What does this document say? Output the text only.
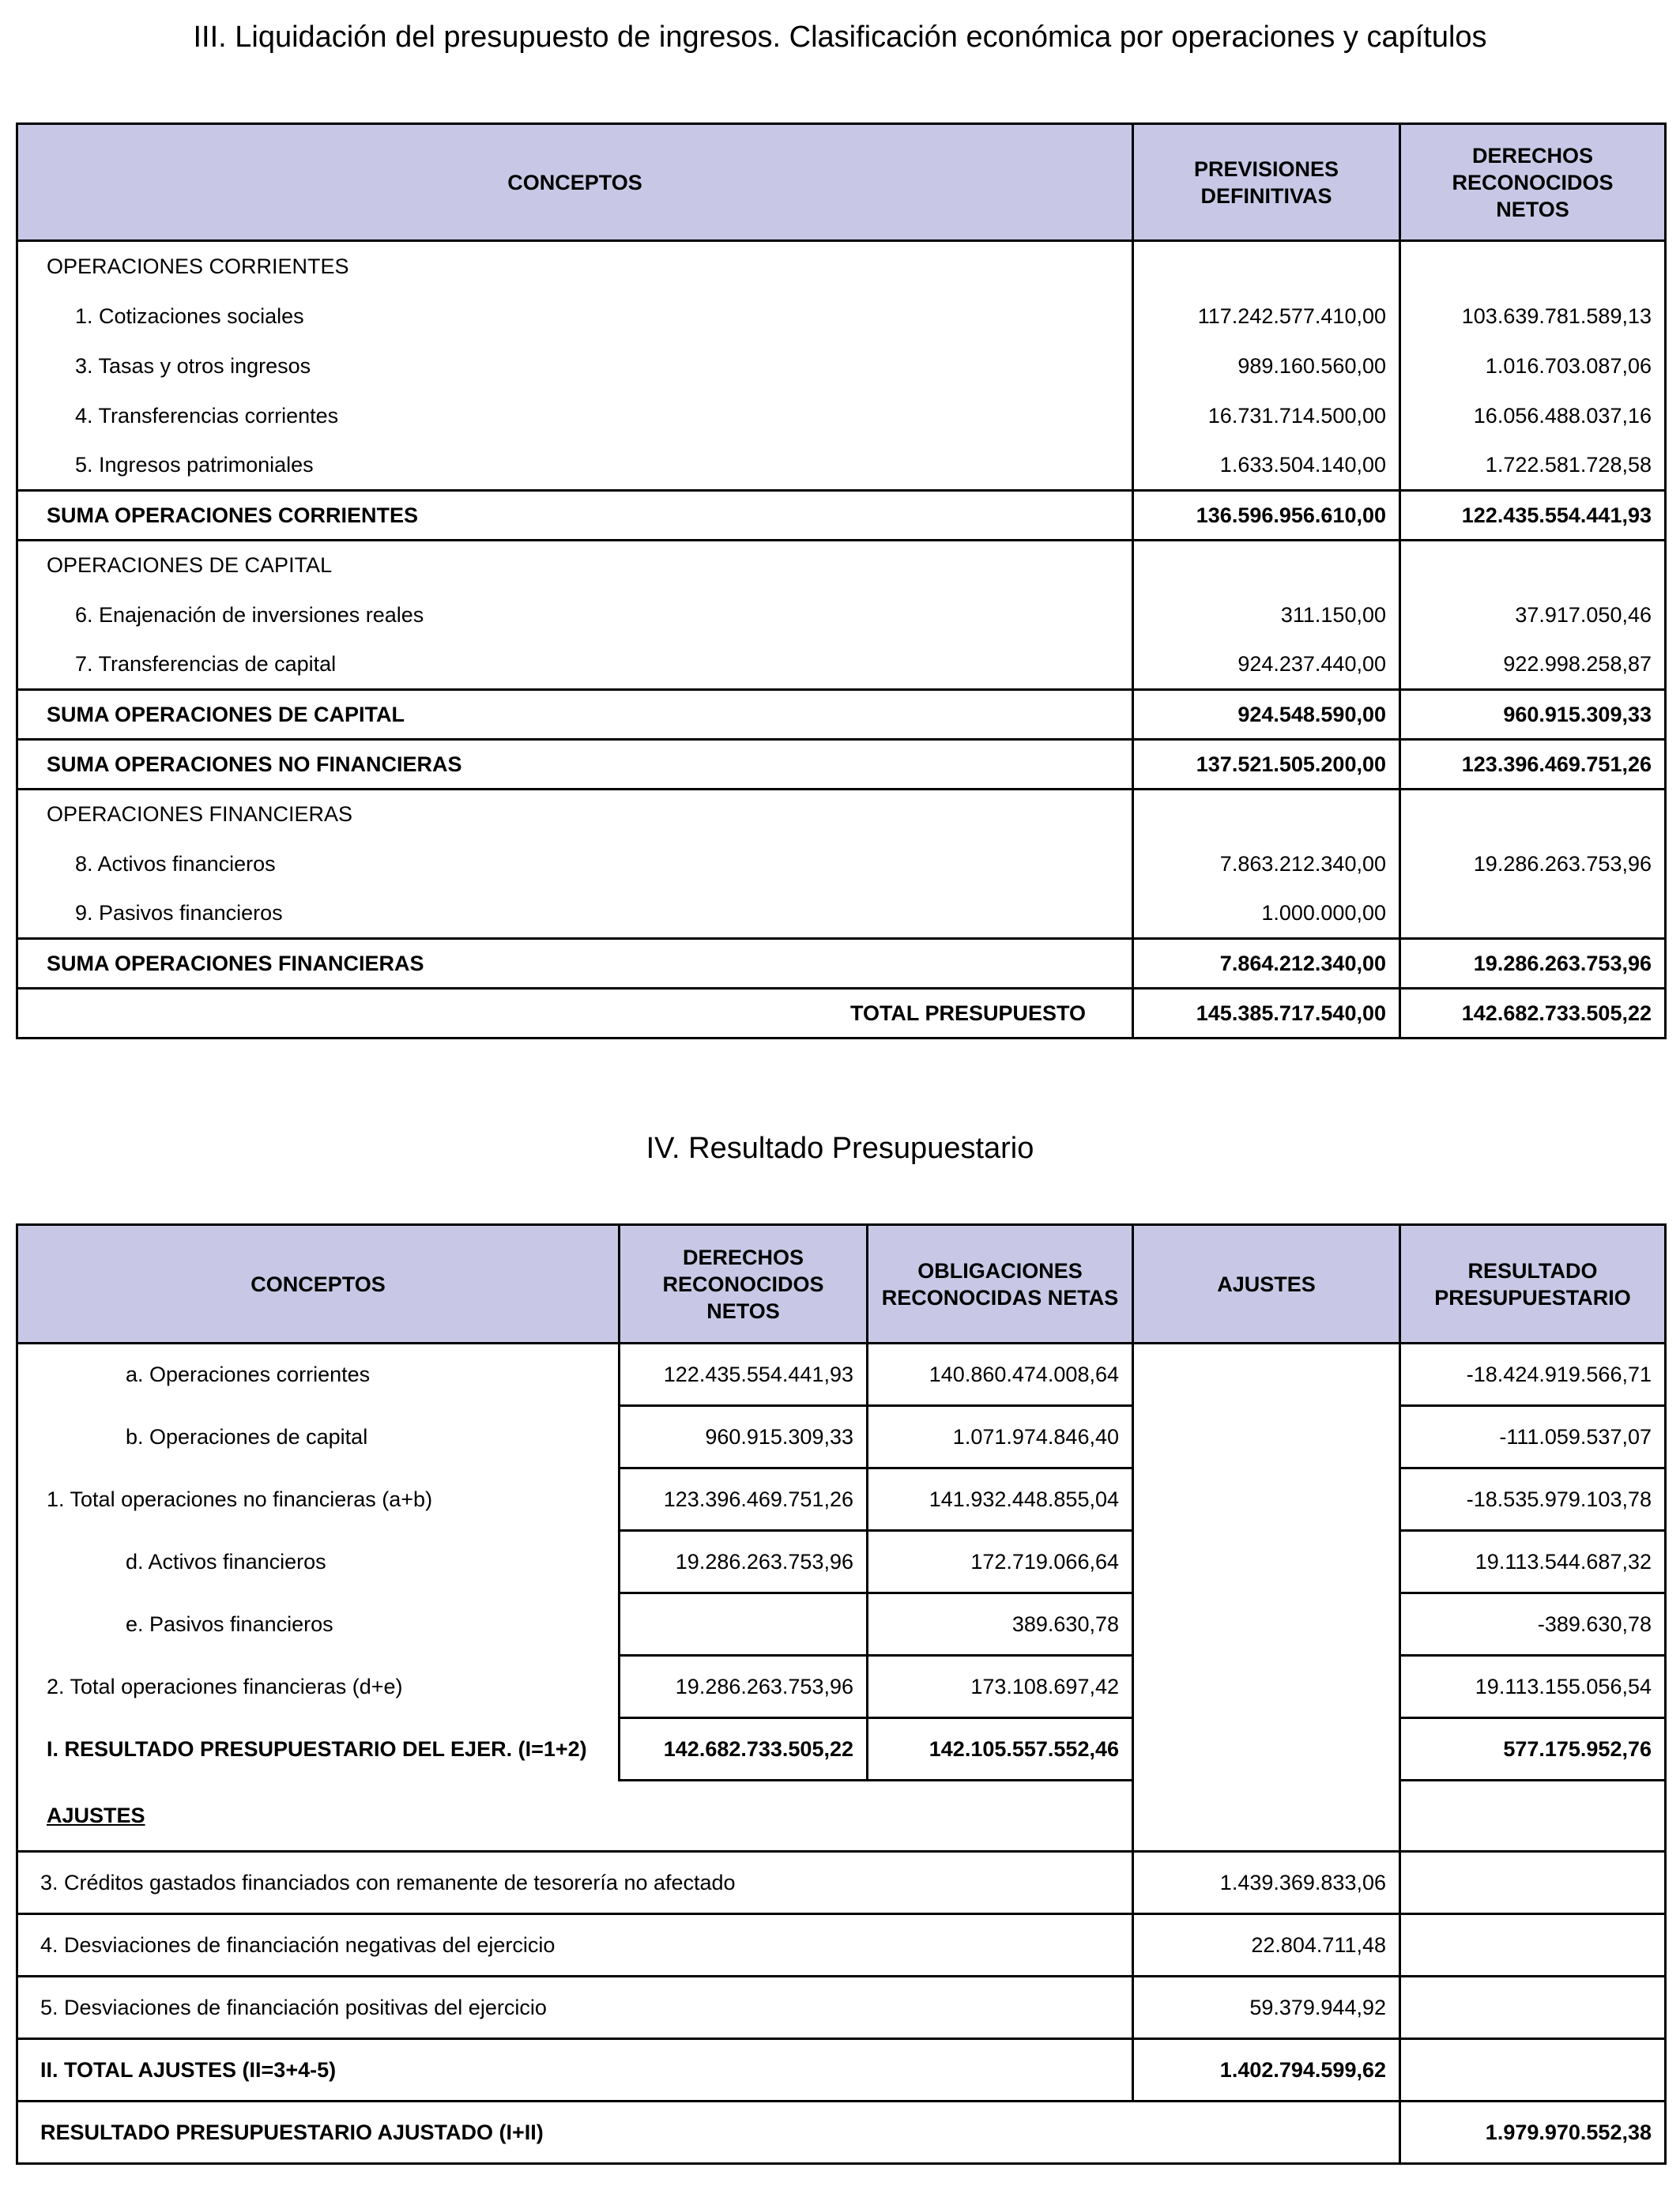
III. Liquidación del presupuesto de ingresos. Clasificación económica por operaciones y capítulos
CONCEPTOS	PREVISIONES DEFINITIVAS	DERECHOS RECONOCIDOS NETOS
OPERACIONES CORRIENTES		
1. Cotizaciones sociales	117.242.577.410,00	103.639.781.589,13
3. Tasas y otros ingresos	989.160.560,00	1.016.703.087,06
4. Transferencias corrientes	16.731.714.500,00	16.056.488.037,16
5. Ingresos patrimoniales	1.633.504.140,00	1.722.581.728,58
SUMA OPERACIONES CORRIENTES	136.596.956.610,00	122.435.554.441,93
OPERACIONES DE CAPITAL		
6. Enajenación de inversiones reales	311.150,00	37.917.050,46
7. Transferencias de capital	924.237.440,00	922.998.258,87
SUMA OPERACIONES DE CAPITAL	924.548.590,00	960.915.309,33
SUMA OPERACIONES NO FINANCIERAS	137.521.505.200,00	123.396.469.751,26
OPERACIONES FINANCIERAS		
8. Activos financieros	7.863.212.340,00	19.286.263.753,96
9. Pasivos financieros	1.000.000,00	
SUMA OPERACIONES FINANCIERAS	7.864.212.340,00	19.286.263.753,96
TOTAL PRESUPUESTO	145.385.717.540,00	142.682.733.505,22
IV. Resultado Presupuestario
CONCEPTOS	DERECHOS RECONOCIDOS NETOS	OBLIGACIONES RECONOCIDAS NETAS	AJUSTES	RESULTADO PRESUPUESTARIO
a. Operaciones corrientes	122.435.554.441,93	140.860.474.008,64		-18.424.919.566,71
b. Operaciones de capital	960.915.309,33	1.071.974.846,40		-111.059.537,07
1. Total operaciones no financieras (a+b)	123.396.469.751,26	141.932.448.855,04		-18.535.979.103,78
d. Activos financieros	19.286.263.753,96	172.719.066,64		19.113.544.687,32
e. Pasivos financieros		389.630,78		-389.630,78
2. Total operaciones financieras (d+e)	19.286.263.753,96	173.108.697,42		19.113.155.056,54
I. RESULTADO PRESUPUESTARIO DEL EJER. (I=1+2)	142.682.733.505,22	142.105.557.552,46		577.175.952,76
AJUSTES				
3. Créditos gastados financiados con remanente de tesorería no afectado			1.439.369.833,06	
4. Desviaciones de financiación negativas del ejercicio			22.804.711,48	
5. Desviaciones de financiación positivas del ejercicio			59.379.944,92	
II. TOTAL AJUSTES (II=3+4-5)			1.402.794.599,62	
RESULTADO PRESUPUESTARIO AJUSTADO (I+II)				1.979.970.552,38
